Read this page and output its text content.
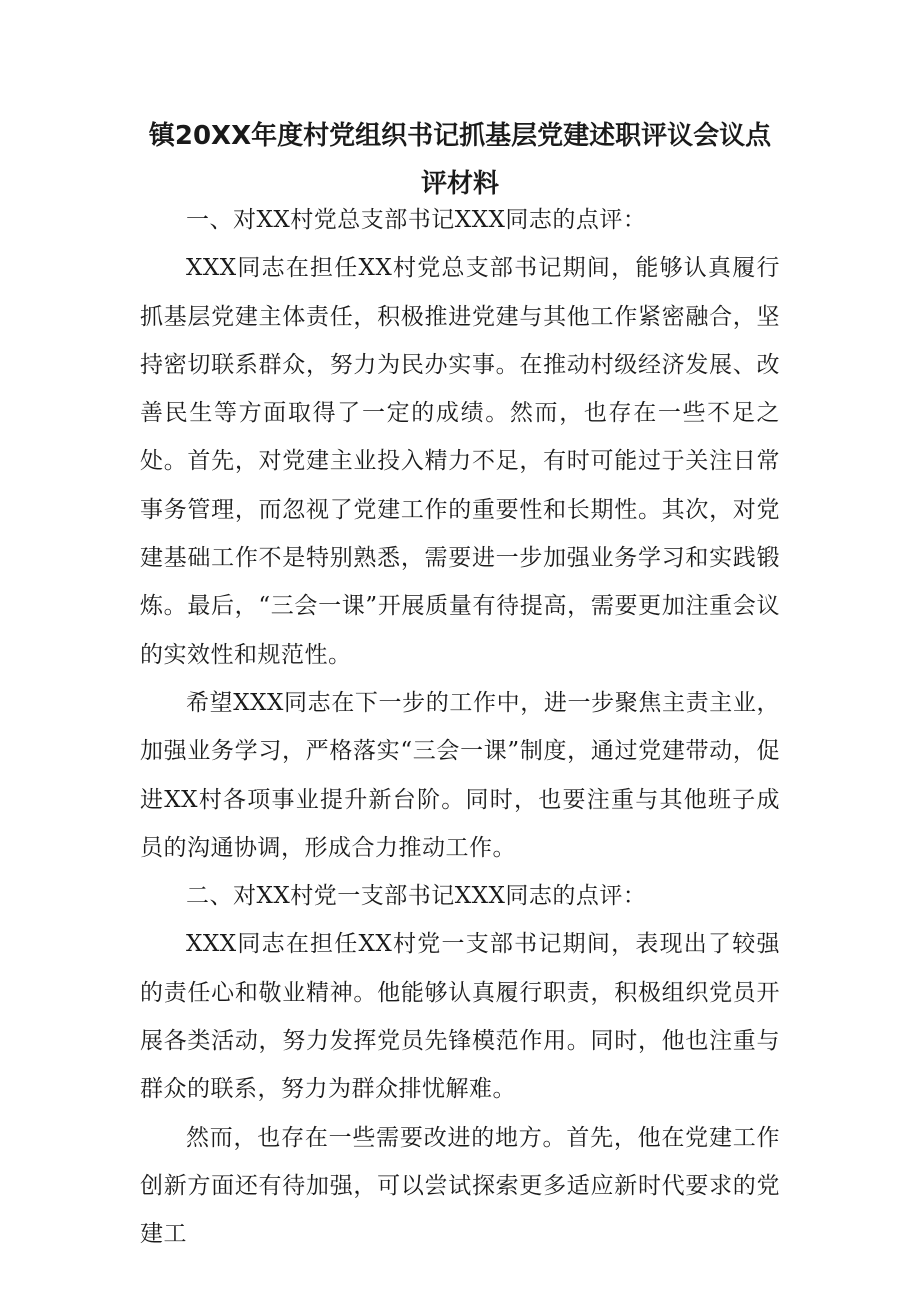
镇20XX年度村党组织书记抓基层党建述职评议会议点评材料

一、对XX村党总支部书记XXX同志的点评：

XXX同志在担任XX村党总支部书记期间，能够认真履行抓基层党建主体责任，积极推进党建与其他工作紧密融合，坚持密切联系群众，努力为民办实事。在推动村级经济发展、改善民生等方面取得了一定的成绩。然而，也存在一些不足之处。首先，对党建主业投入精力不足，有时可能过于关注日常事务管理，而忽视了党建工作的重要性和长期性。其次，对党建基础工作不是特别熟悉，需要进一步加强业务学习和实践锻炼。最后，“三会一课”开展质量有待提高，需要更加注重会议的实效性和规范性。

希望XXX同志在下一步的工作中，进一步聚焦主责主业，加强业务学习，严格落实“三会一课”制度，通过党建带动，促进XX村各项事业提升新台阶。同时，也要注重与其他班子成员的沟通协调，形成合力推动工作。

二、对XX村党一支部书记XXX同志的点评：

XXX同志在担任XX村党一支部书记期间，表现出了较强的责任心和敬业精神。他能够认真履行职责，积极组织党员开展各类活动，努力发挥党员先锋模范作用。同时，他也注重与群众的联系，努力为群众排忧解难。

然而，也存在一些需要改进的地方。首先，他在党建工作创新方面还有待加强，可以尝试探索更多适应新时代要求的党建工
